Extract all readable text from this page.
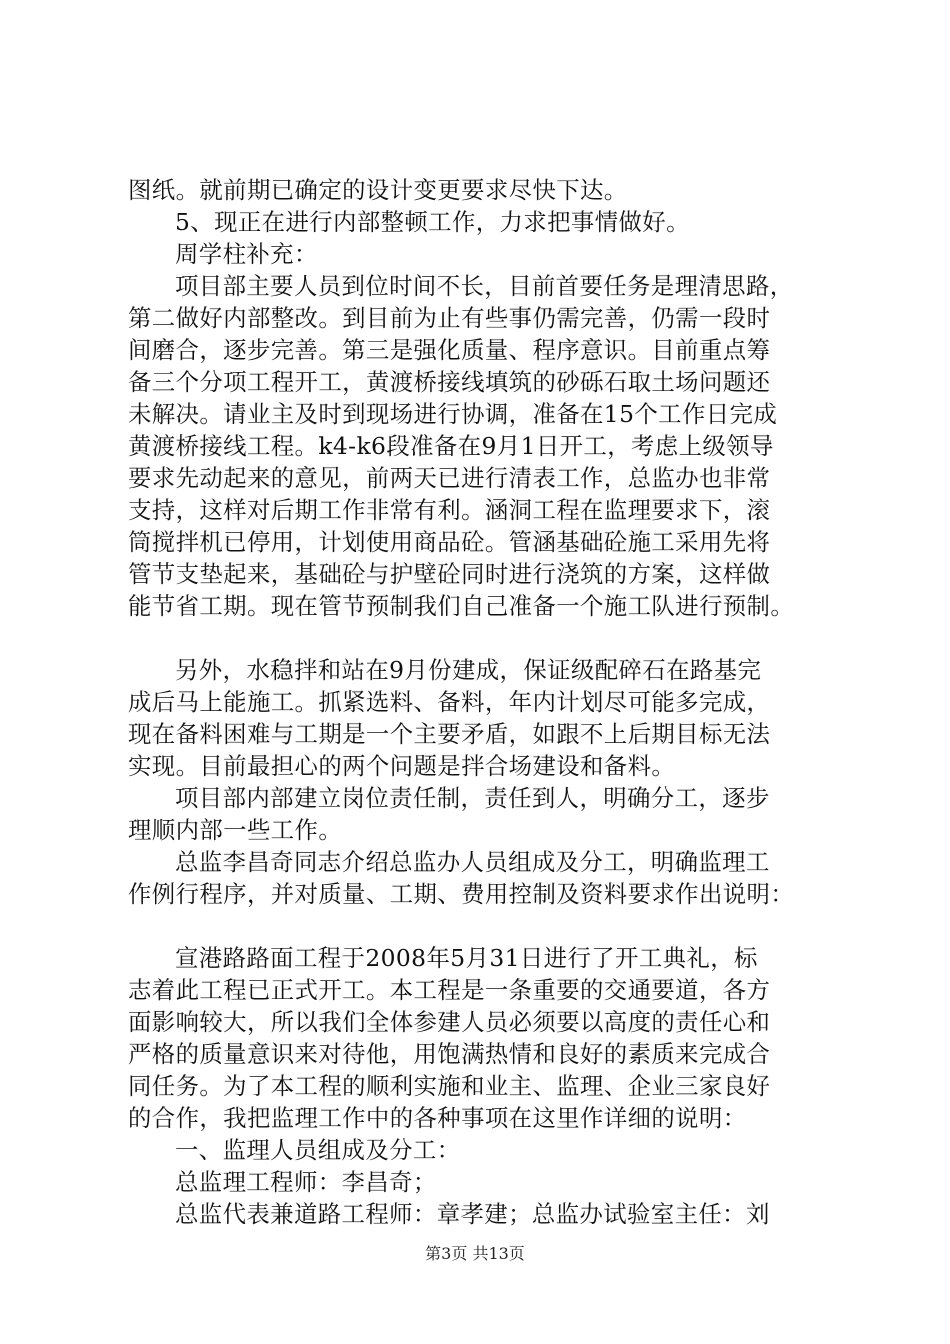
图纸。就前期已确定的设计变更要求尽快下达。
5、现正在进行内部整顿工作，力求把事情做好。
周学柱补充：
项目部主要人员到位时间不长，目前首要任务是理清思路，
第二做好内部整改。到目前为止有些事仍需完善，仍需一段时
间磨合，逐步完善。第三是强化质量、程序意识。目前重点筹
备三个分项工程开工，黄渡桥接线填筑的砂砾石取土场问题还
未解决。请业主及时到现场进行协调，准备在15个工作日完成
黄渡桥接线工程。k4-k6段准备在9月1日开工，考虑上级领导
要求先动起来的意见，前两天已进行清表工作，总监办也非常
支持，这样对后期工作非常有利。涵洞工程在监理要求下，滚
筒搅拌机已停用，计划使用商品砼。管涵基础砼施工采用先将
管节支垫起来，基础砼与护壁砼同时进行浇筑的方案，这样做
能节省工期。现在管节预制我们自己准备一个施工队进行预制。
另外，水稳拌和站在9月份建成，保证级配碎石在路基完
成后马上能施工。抓紧选料、备料，年内计划尽可能多完成，
现在备料困难与工期是一个主要矛盾，如跟不上后期目标无法
实现。目前最担心的两个问题是拌合场建设和备料。
项目部内部建立岗位责任制，责任到人，明确分工，逐步
理顺内部一些工作。
总监李昌奇同志介绍总监办人员组成及分工，明确监理工
作例行程序，并对质量、工期、费用控制及资料要求作出说明：
宣港路路面工程于2008年5月31日进行了开工典礼，标
志着此工程已正式开工。本工程是一条重要的交通要道，各方
面影响较大，所以我们全体参建人员必须要以高度的责任心和
严格的质量意识来对待他，用饱满热情和良好的素质来完成合
同任务。为了本工程的顺利实施和业主、监理、企业三家良好
的合作，我把监理工作中的各种事项在这里作详细的说明：
一、监理人员组成及分工：
总监理工程师：李昌奇；
总监代表兼道路工程师：章孝建；总监办试验室主任：刘
第3页 共13页
